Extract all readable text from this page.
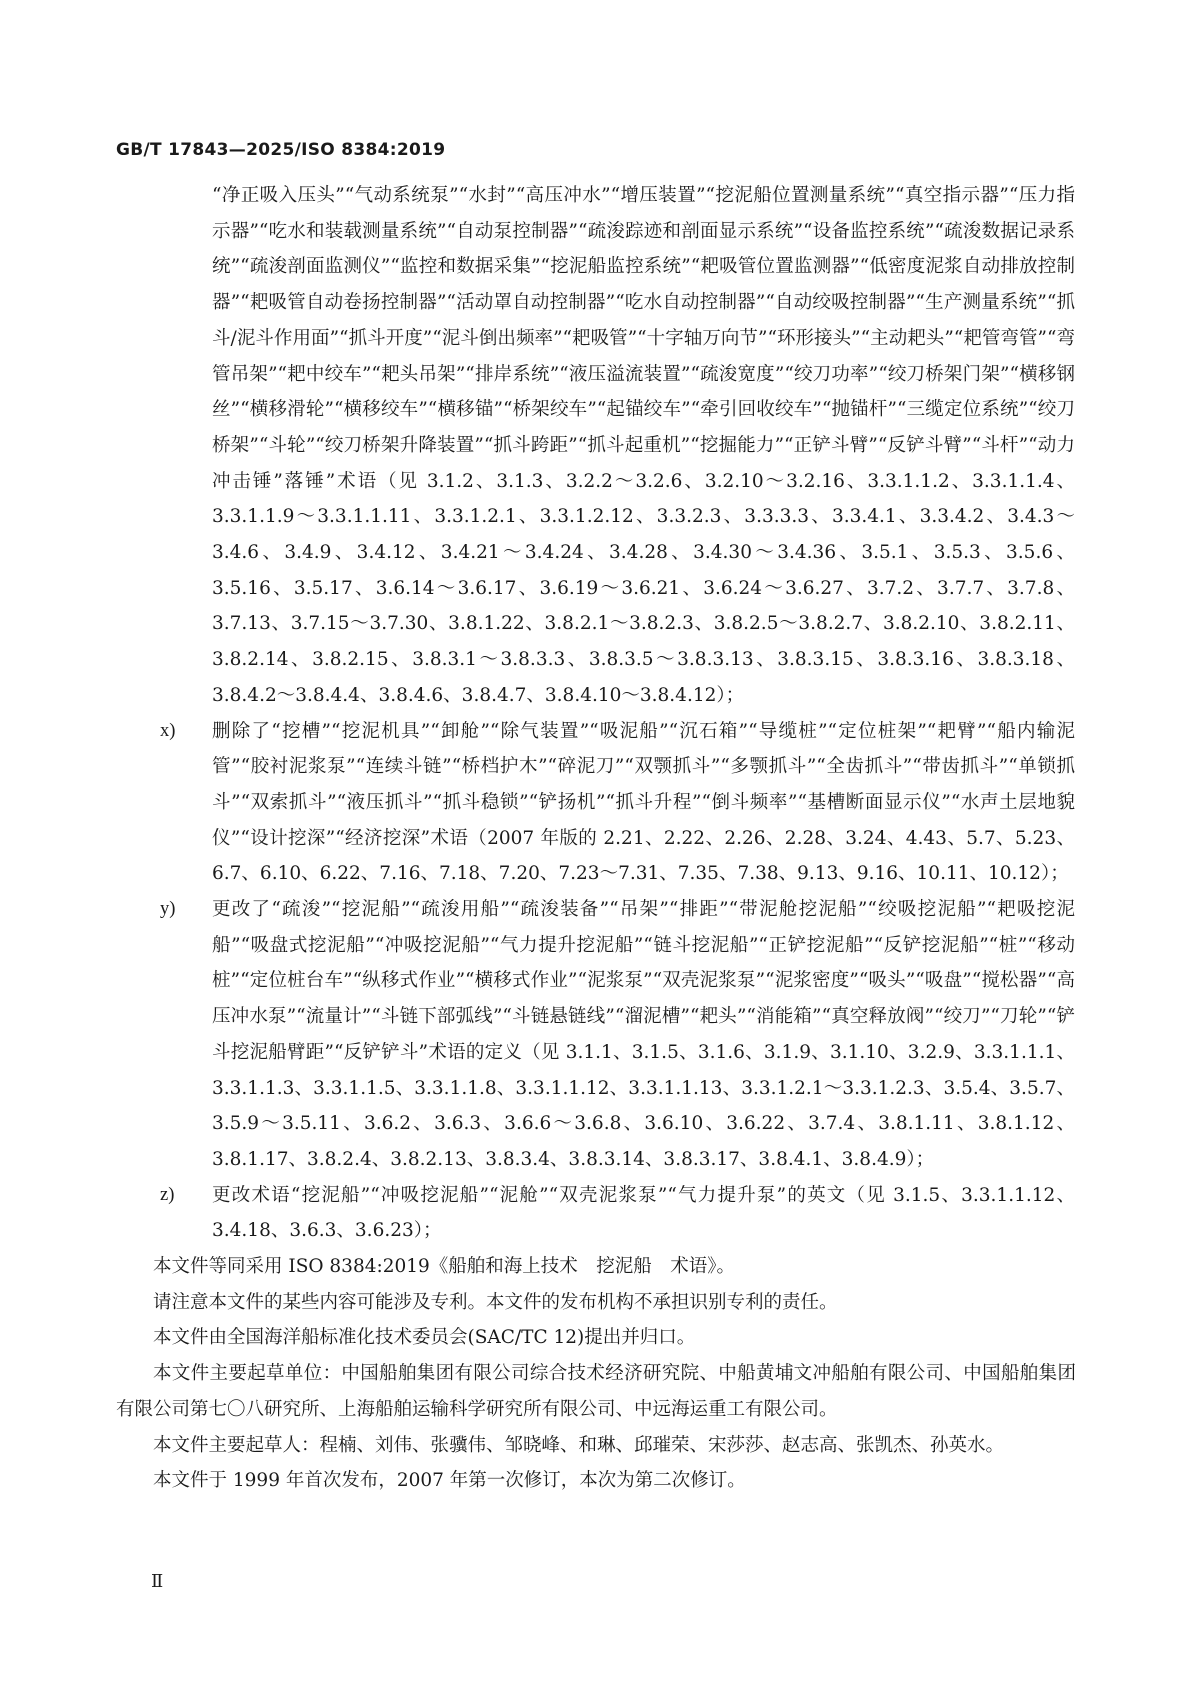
GB/T 17843—2025/ISO 8384:2019
“净正吸入压头”“气动系统泵”“水封”“高压冲水”“增压装置”“挖泥船位置测量系统”“真空指示器”“压力指示器”“吃水和装载测量系统”“自动泵控制器”“疏浚踪迹和剖面显示系统”“设备监控系统”“疏浚数据记录系统”“疏浚剖面监测仪”“监控和数据采集”“挖泥船监控系统”“耙吸管位置监测器”“低密度泥浆自动排放控制器”“耙吸管自动卷扬控制器”“活动罩自动控制器”“吃水自动控制器”“自动绞吸控制器”“生产测量系统”“抓斗/泥斗作用面”“抓斗开度”“泥斗倒出频率”“耙吸管”“十字轴万向节”“环形接头”“主动耙头”“耙管弯管”“弯管吊架”“耙中绞车”“耙头吊架”“排岸系统”“液压溢流装置”“疏浚宽度”“绞刀功率”“绞刀桥架门架”“横移钢丝”“横移滑轮”“横移绞车”“横移锚”“桥架绞车”“起锚绞车”“牵引回收绞车”“抛锚杆”“三缆定位系统”“绞刀桥架”“斗轮”“绞刀桥架升降装置”“抓斗跨距”“抓斗起重机”“挖掘能力”“正铲斗臂”“反铲斗臂”“斗杆”“动力冲击锤”落锤”术语（见 3.1.2、3.1.3、3.2.2～3.2.6、3.2.10～3.2.16、3.3.1.1.2、3.3.1.1.4、3.3.1.1.9～3.3.1.1.11、3.3.1.2.1、3.3.1.2.12、3.3.2.3、3.3.3.3、3.3.4.1、3.3.4.2、3.4.3～3.4.6、3.4.9、3.4.12、3.4.21～3.4.24、3.4.28、3.4.30～3.4.36、3.5.1、3.5.3、3.5.6、3.5.16、3.5.17、3.6.14～3.6.17、3.6.19～3.6.21、3.6.24～3.6.27、3.7.2、3.7.7、3.7.8、3.7.13、3.7.15～3.7.30、3.8.1.22、3.8.2.1～3.8.2.3、3.8.2.5～3.8.2.7、3.8.2.10、3.8.2.11、3.8.2.14、3.8.2.15、3.8.3.1～3.8.3.3、3.8.3.5～3.8.3.13、3.8.3.15、3.8.3.16、3.8.3.18、3.8.4.2～3.8.4.4、3.8.4.6、3.8.4.7、3.8.4.10～3.8.4.12）；
x)	删除了“挖槽”“挖泥机具”“卸舱”“除气装置”“吸泥船”“沉石箱”“导缆桩”“定位桩架”“耙臂”“船内输泥管”“胶衬泥浆泵”“连续斗链”“桥档护木”“碎泥刀”“双颚抓斗”“多颚抓斗”“全齿抓斗”“带齿抓斗”“单锁抓斗”“双索抓斗”“液压抓斗”“抓斗稳锁”“铲扬机”“抓斗升程”“倒斗频率”“基槽断面显示仪”“水声土层地貌仪”“设计挖深”“经济挖深”术语（2007 年版的 2.21、2.22、2.26、2.28、3.24、4.43、5.7、5.23、6.7、6.10、6.22、7.16、7.18、7.20、7.23～7.31、7.35、7.38、9.13、9.16、10.11、10.12）；
y)	更改了“疏浚”“挖泥船”“疏浚用船”“疏浚装备”“吊架”“排距”“带泥舱挖泥船”“绞吸挖泥船”“耙吸挖泥船”“吸盘式挖泥船”“冲吸挖泥船”“气力提升挖泥船”“链斗挖泥船”“正铲挖泥船”“反铲挖泥船”“桩”“移动桩”“定位桩台车”“纵移式作业”“横移式作业”“泥浆泵”“双壳泥浆泵”“泥浆密度”“吸头”“吸盘”“搅松器”“高压冲水泵”“流量计”“斗链下部弧线”“斗链悬链线”“溜泥槽”“耙头”“消能箱”“真空释放阀”“绞刀”“刀轮”“铲斗挖泥船臂距”“反铲铲斗”术语的定义（见 3.1.1、3.1.5、3.1.6、3.1.9、3.1.10、3.2.9、3.3.1.1.1、3.3.1.1.3、3.3.1.1.5、3.3.1.1.8、3.3.1.1.12、3.3.1.1.13、3.3.1.2.1～3.3.1.2.3、3.5.4、3.5.7、3.5.9～3.5.11、3.6.2、3.6.3、3.6.6～3.6.8、3.6.10、3.6.22、3.7.4、3.8.1.11、3.8.1.12、3.8.1.17、3.8.2.4、3.8.2.13、3.8.3.4、3.8.3.14、3.8.3.17、3.8.4.1、3.8.4.9）；
z)	更改术语“挖泥船”“冲吸挖泥船”“泥舱”“双壳泥浆泵”“气力提升泵”的英文（见 3.1.5、3.3.1.1.12、3.4.18、3.6.3、3.6.23）；

本文件等同采用 ISO 8384:2019《船舶和海上技术　挖泥船　术语》。

请注意本文件的某些内容可能涉及专利。本文件的发布机构不承担识别专利的责任。

本文件由全国海洋船标准化技术委员会(SAC/TC 12)提出并归口。

本文件主要起草单位：中国船舶集团有限公司综合技术经济研究院、中船黄埔文冲船舶有限公司、中国船舶集团有限公司第七〇八研究所、上海船舶运输科学研究所有限公司、中远海运重工有限公司。

本文件主要起草人：程楠、刘伟、张骥伟、邹晓峰、和琳、邱璀荣、宋莎莎、赵志高、张凯杰、孙英水。

本文件于 1999 年首次发布，2007 年第一次修订，本次为第二次修订。

Ⅱ
